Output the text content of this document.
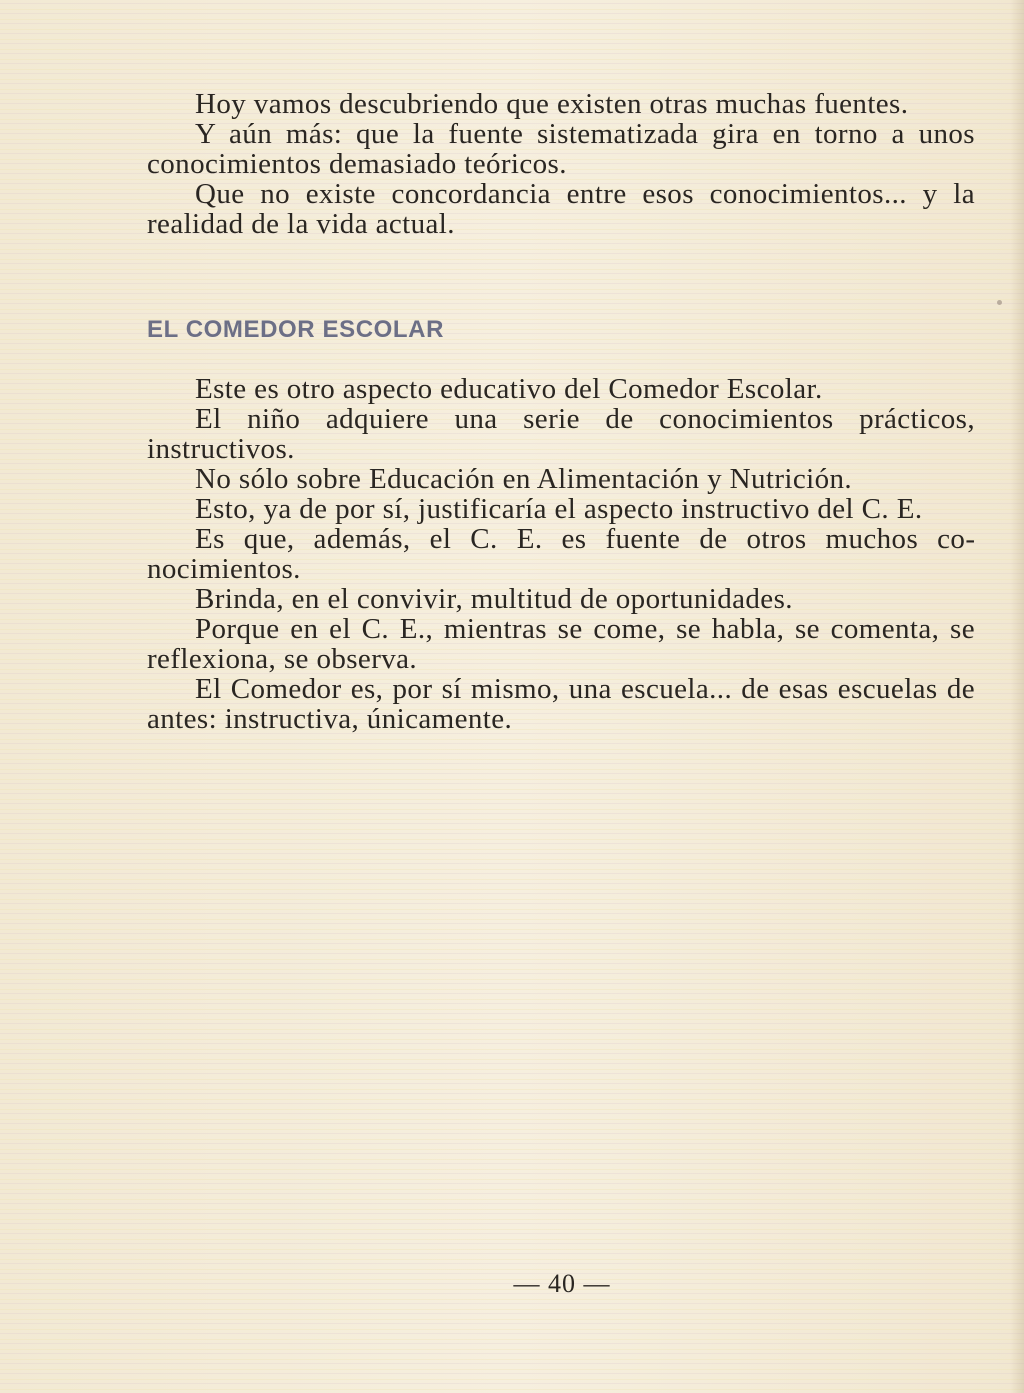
Hoy vamos descubriendo que existen otras muchas fuentes.

Y aún más: que la fuente sistematizada gira en torno a unos conocimientos demasiado teóricos.

Que no existe concordancia entre esos conocimientos... y la realidad de la vida actual.

EL COMEDOR ESCOLAR

Este es otro aspecto educativo del Comedor Escolar.

El niño adquiere una serie de conocimientos prácticos, instructivos.

No sólo sobre Educación en Alimentación y Nutrición.

Esto, ya de por sí, justificaría el aspecto instructivo del C. E.

Es que, además, el C. E. es fuente de otros muchos conocimientos.

Brinda, en el convivir, multitud de oportunidades.

Porque en el C. E., mientras se come, se habla, se comenta, se reflexiona, se observa.

El Comedor es, por sí mismo, una escuela... de esas escuelas de antes: instructiva, únicamente.

— 40 —
